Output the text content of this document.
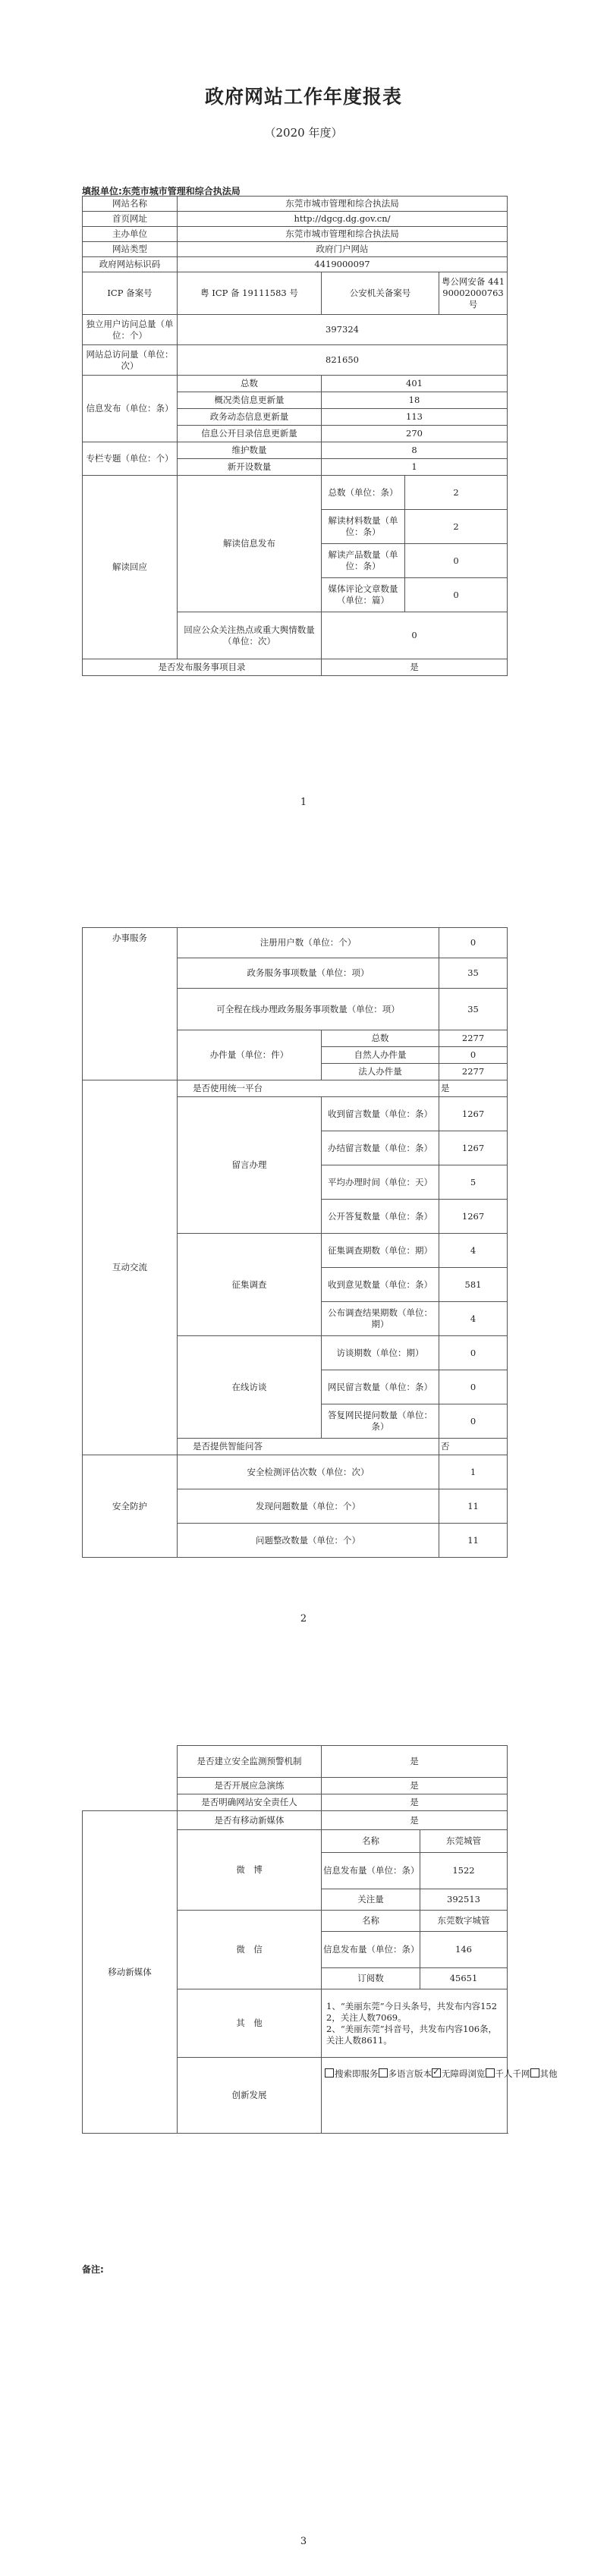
政府网站工作年度报表
（2020 年度）
填报单位:东莞市城市管理和综合执法局
网站名称	东莞市城市管理和综合执法局			
首页网址	http://dgcg.dg.gov.cn/			
主办单位	东莞市城市管理和综合执法局			
网站类型	政府门户网站			
政府网站标识码	4419000097			
ICP 备案号	粤 ICP 备 19111583 号	公安机关备案号		粤公网安备 44190002000763 号
独立用户访问总量（单位：个）	397324			
网站总访问量（单位：次）	821650			
信息发布（单位：条）	总数	401		
	概况类信息更新量	18		
	政务动态信息更新量	113		
	信息公开目录信息更新量	270		
专栏专题（单位：个）	维护数量	8		
	新开设数量	1		
解读回应	解读信息发布	总数（单位：条）	2	
		解读材料数量（单位：条）	2	
		解读产品数量（单位：条）	0	
		媒体评论文章数量（单位：篇）	0	
	回应公众关注热点或重大舆情数量（单位：次）	0		
是否发布服务事项目录		是		
1
办事服务	注册用户数（单位：个）		0
	政务服务事项数量（单位：项）		35
	可全程在线办理政务服务事项数量（单位：项）		35
	办件量（单位：件）	总数	2277
		自然人办件量	0
		法人办件量	2277
互动交流	是否使用统一平台		是
	留言办理	收到留言数量（单位：条）	1267
		办结留言数量（单位：条）	1267
		平均办理时间（单位：天）	5
		公开答复数量（单位：条）	1267
	征集调查	征集调查期数（单位：期）	4
		收到意见数量（单位：条）	581
		公布调查结果期数（单位：期）	4
	在线访谈	访谈期数（单位：期）	0
		网民留言数量（单位：条）	0
		答复网民提问数量（单位：条）	0
	是否提供智能问答		否
安全防护	安全检测评估次数（单位：次）		1
	发现问题数量（单位：个）		11
	问题整改数量（单位：个）		11
2
	是否建立安全监测预警机制	是	
	是否开展应急演练	是	
	是否明确网站安全责任人	是	
移动新媒体	是否有移动新媒体	是	
	微　博	名称	东莞城管
		信息发布量（单位：条）	1522
		关注量	392513
	微　信	名称	东莞数字城管
		信息发布量（单位：条）	146
		订阅数	45651
	其　他	1、“美丽东莞”今日头条号，共发布内容1522，关注人数7069。
2、“美丽东莞”抖音号，共发布内容106条，关注人数8611。	

	创新发展	搜索即服务 多语言版本 ✓ 无障碍浏览 千人千网 其他
备注:
3
